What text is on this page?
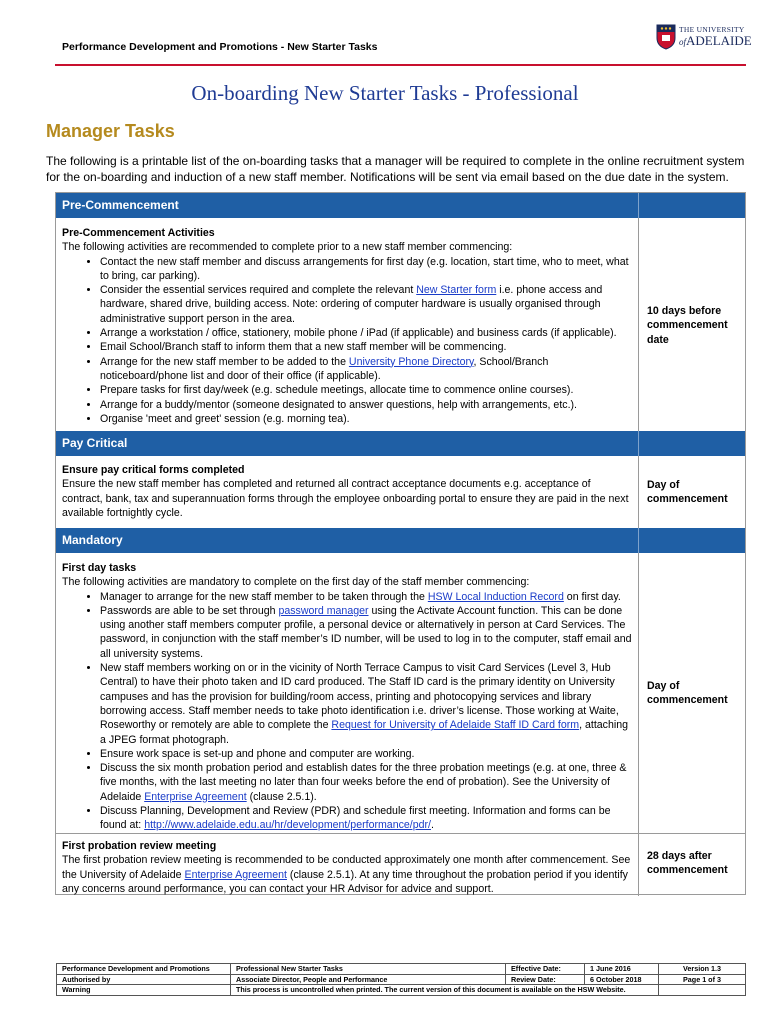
Performance Development and Promotions - New Starter Tasks
THE UNIVERSITY
ofADELAIDE
On-boarding New Starter Tasks - Professional
Manager Tasks
The following is a printable list of the on-boarding tasks that a manager will be required to complete in the online recruitment system for the on-boarding and induction of a new staff member. Notifications will be sent via email based on the due date in the system.
Pre-Commencement
Pre-Commencement Activities
The following activities are recommended to complete prior to a new staff member commencing:
• Contact the new staff member and discuss arrangements for first day (e.g. location, start time, who to meet, what to bring, car parking).
• Consider the essential services required and complete the relevant New Starter form i.e. phone access and hardware, shared drive, building access. Note: ordering of computer hardware is usually organised through administrative support person in the area.
• Arrange a workstation / office, stationery, mobile phone / iPad (if applicable) and business cards (if applicable).
• Email School/Branch staff to inform them that a new staff member will be commencing.
• Arrange for the new staff member to be added to the University Phone Directory, School/Branch noticeboard/phone list and door of their office (if applicable).
• Prepare tasks for first day/week (e.g. schedule meetings, allocate time to commence online courses).
• Arrange for a buddy/mentor (someone designated to answer questions, help with arrangements, etc.).
• Organise 'meet and greet' session (e.g. morning tea).
10 days before commencement date
Pay Critical
Ensure pay critical forms completed
Ensure the new staff member has completed and returned all contract acceptance documents e.g. acceptance of contract, bank, tax and superannuation forms through the employee onboarding portal to ensure they are paid in the next available fortnightly cycle.
Day of commencement
Mandatory
First day tasks
The following activities are mandatory to complete on the first day of the staff member commencing:
• Manager to arrange for the new staff member to be taken through the HSW Local Induction Record on first day.
• Passwords are able to be set through password manager using the Activate Account function. This can be done using another staff members computer profile, a personal device or alternatively in person at Card Services. The password, in conjunction with the staff member’s ID number, will be used to log in to the computer, staff email and all university systems.
• New staff members working on or in the vicinity of North Terrace Campus to visit Card Services (Level 3, Hub Central) to have their photo taken and ID card produced. The Staff ID card is the primary identity on University campuses and has the provision for building/room access, printing and photocopying services and library borrowing access. Staff member needs to take photo identification i.e. driver’s license. Those working at Waite, Roseworthy or remotely are able to complete the Request for University of Adelaide Staff ID Card form, attaching a JPEG format photograph.
• Ensure work space is set-up and phone and computer are working.
• Discuss the six month probation period and establish dates for the three probation meetings (e.g. at one, three & five months, with the last meeting no later than four weeks before the end of probation). See the University of Adelaide Enterprise Agreement (clause 2.5.1).
• Discuss Planning, Development and Review (PDR) and schedule first meeting. Information and forms can be found at: http://www.adelaide.edu.au/hr/development/performance/pdr/.
Day of commencement
First probation review meeting
The first probation review meeting is recommended to be conducted approximately one month after commencement. See the University of Adelaide Enterprise Agreement (clause 2.5.1). At any time throughout the probation period if you identify any concerns around performance, you can contact your HR Advisor for advice and support.
28 days after commencement
Performance Development and Promotions	Professional New Starter Tasks	Effective Date:	1 June 2016	Version 1.3
Authorised by	Associate Director, People and Performance	Review Date:	6 October 2018	Page 1 of 3
Warning	This process is uncontrolled when printed. The current version of this document is available on the HSW Website.			
